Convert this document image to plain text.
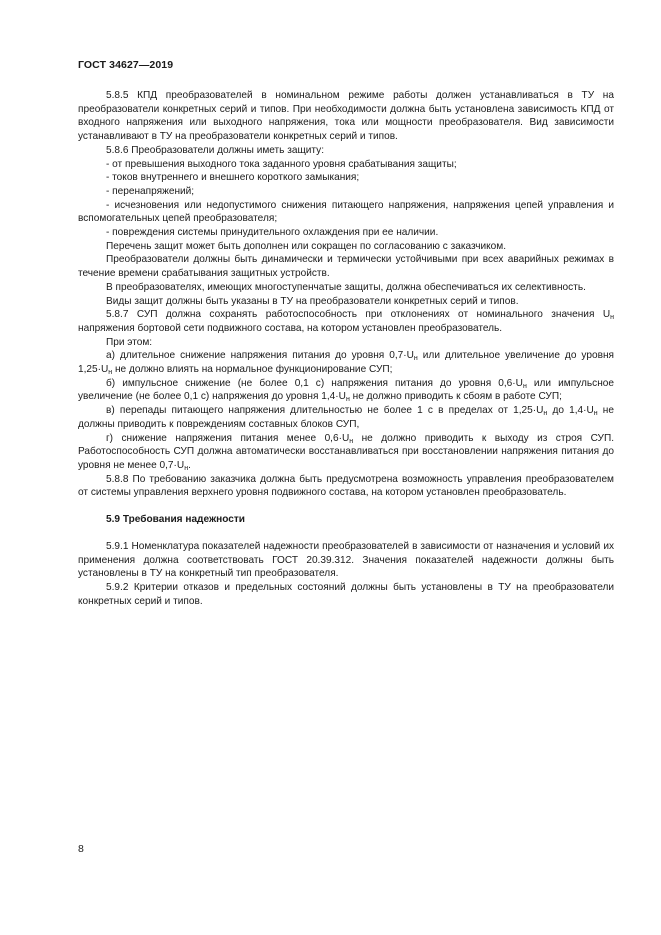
ГОСТ 34627—2019

5.8.5 КПД преобразователей в номинальном режиме работы должен устанавливаться в ТУ на преобразователи конкретных серий и типов. При необходимости должна быть установлена зависимость КПД от входного напряжения или выходного напряжения, тока или мощности преобразователя. Вид зависимости устанавливают в ТУ на преобразователи конкретных серий и типов.

5.8.6 Преобразователи должны иметь защиту:

- от превышения выходного тока заданного уровня срабатывания защиты;

- токов внутреннего и внешнего короткого замыкания;

- перенапряжений;

- исчезновения или недопустимого снижения питающего напряжения, напряжения цепей управления и вспомогательных цепей преобразователя;

- повреждения системы принудительного охлаждения при ее наличии.

Перечень защит может быть дополнен или сокращен по согласованию с заказчиком.

Преобразователи должны быть динамически и термически устойчивыми при всех аварийных режимах в течение времени срабатывания защитных устройств.

В преобразователях, имеющих многоступенчатые защиты, должна обеспечиваться их селективность.

Виды защит должны быть указаны в ТУ на преобразователи конкретных серий и типов.

5.8.7 СУП должна сохранять работоспособность при отклонениях от номинального значения $U_н$ напряжения бортовой сети подвижного состава, на котором установлен преобразователь.

При этом:

а) длительное снижение напряжения питания до уровня $0,7\cdot U_н$ или длительное увеличение до уровня $1,25\cdot U_н$ не должно влиять на нормальное функционирование СУП;

б) импульсное снижение (не более 0,1 с) напряжения питания до уровня $0,6\cdot U_н$ или импульсное увеличение (не более 0,1 с) напряжения до уровня $1,4\cdot U_н$ не должно приводить к сбоям в работе СУП;

в) перепады питающего напряжения длительностью не более 1 с в пределах от $1,25\cdot U_н$ до $1,4\cdot U_н$ не должны приводить к повреждениям составных блоков СУП,

г) снижение напряжения питания менее $0,6\cdot U_н$ не должно приводить к выходу из строя СУП. Работоспособность СУП должна автоматически восстанавливаться при восстановлении напряжения питания до уровня не менее $0,7\cdot U_н$.

5.8.8 По требованию заказчика должна быть предусмотрена возможность управления преобразователем от системы управления верхнего уровня подвижного состава, на котором установлен преобразователь.

5.9 Требования надежности

5.9.1 Номенклатура показателей надежности преобразователей в зависимости от назначения и условий их применения должна соответствовать ГОСТ 20.39.312. Значения показателей надежности должны быть установлены в ТУ на конкретный тип преобразователя.

5.9.2 Критерии отказов и предельных состояний должны быть установлены в ТУ на преобразователи конкретных серий и типов.

8
